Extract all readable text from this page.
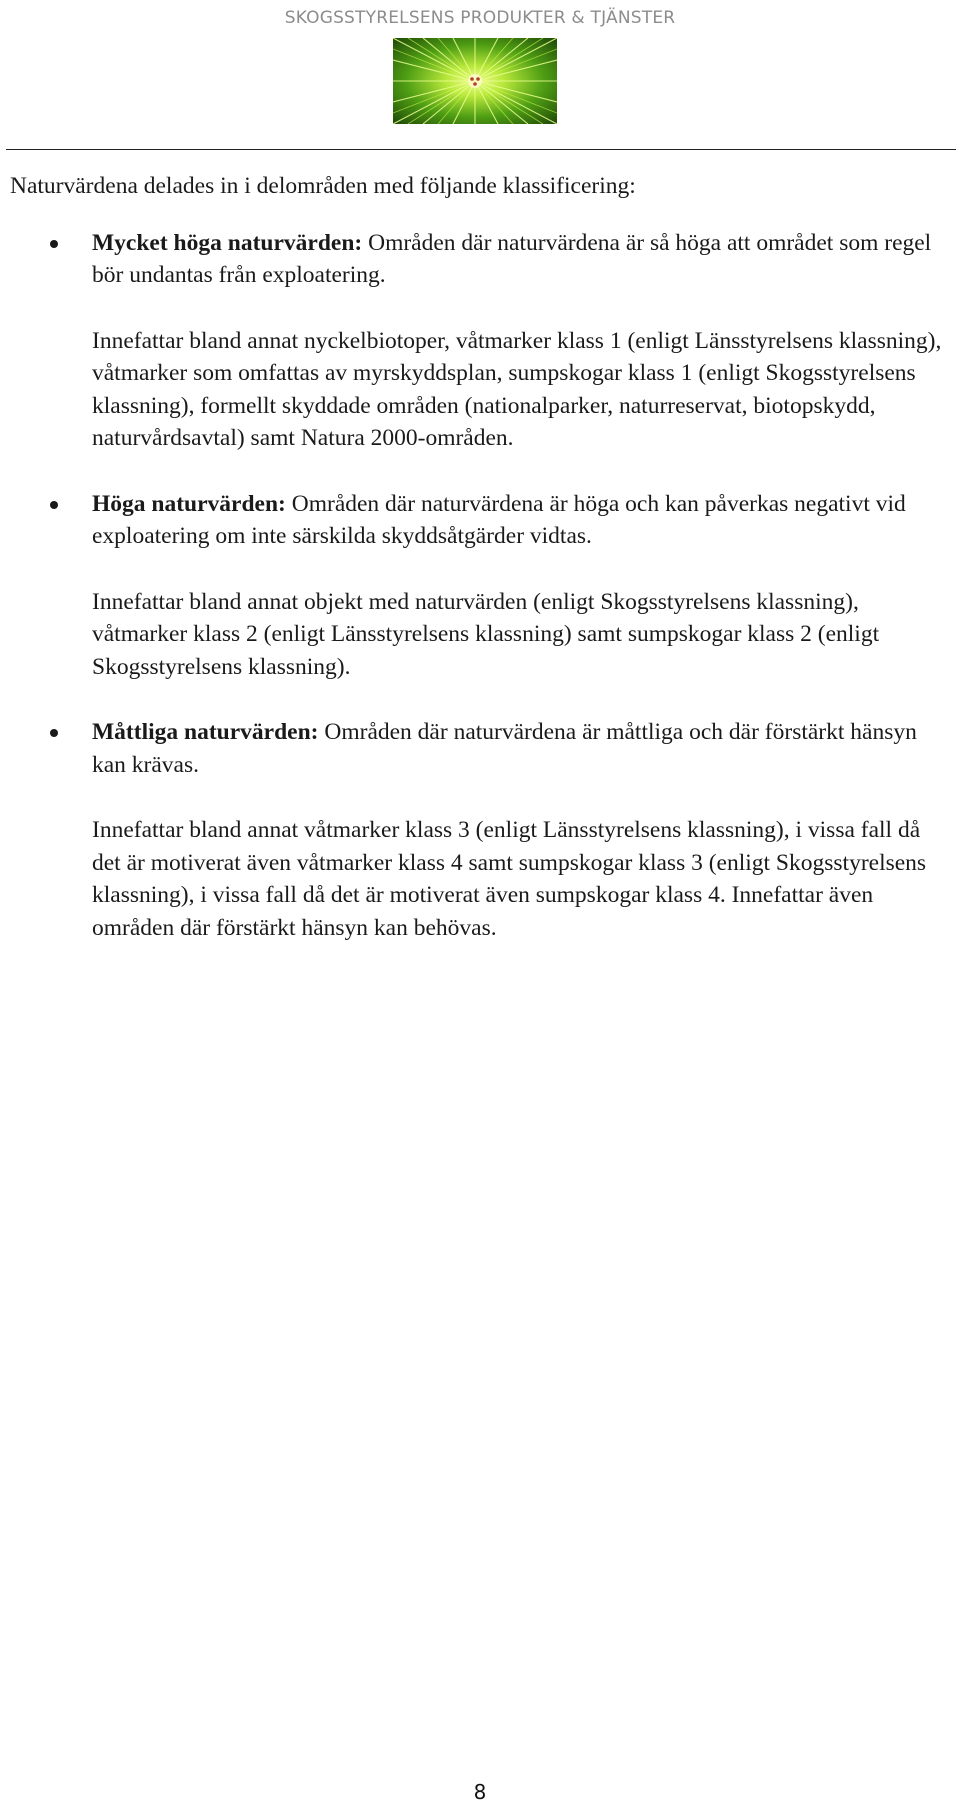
SKOGSSTYRELSENS PRODUKTER & TJÄNSTER

Naturvärdena delades in i delområden med följande klassificering:

Mycket höga naturvärden: Områden där naturvärdena är så höga att området som regel bör undantas från exploatering.

Innefattar bland annat nyckelbiotoper, våtmarker klass 1 (enligt Länsstyrelsens klassning), våtmarker som omfattas av myrskyddsplan, sumpskogar klass 1 (enligt Skogsstyrelsens klassning), formellt skyddade områden (nationalparker, naturreservat, biotopskydd, naturvårdsavtal) samt Natura 2000-områden.

Höga naturvärden: Områden där naturvärdena är höga och kan påverkas negativt vid exploatering om inte särskilda skyddsåtgärder vidtas.

Innefattar bland annat objekt med naturvärden (enligt Skogsstyrelsens klassning), våtmarker klass 2 (enligt Länsstyrelsens klassning) samt sumpskogar klass 2 (enligt Skogsstyrelsens klassning).

Måttliga naturvärden: Områden där naturvärdena är måttliga och där förstärkt hänsyn kan krävas.

Innefattar bland annat våtmarker klass 3 (enligt Länsstyrelsens klassning), i vissa fall då det är motiverat även våtmarker klass 4 samt sumpskogar klass 3 (enligt Skogsstyrelsens klassning), i vissa fall då det är motiverat även sumpskogar klass 4. Innefattar även områden där förstärkt hänsyn kan behövas.

8
